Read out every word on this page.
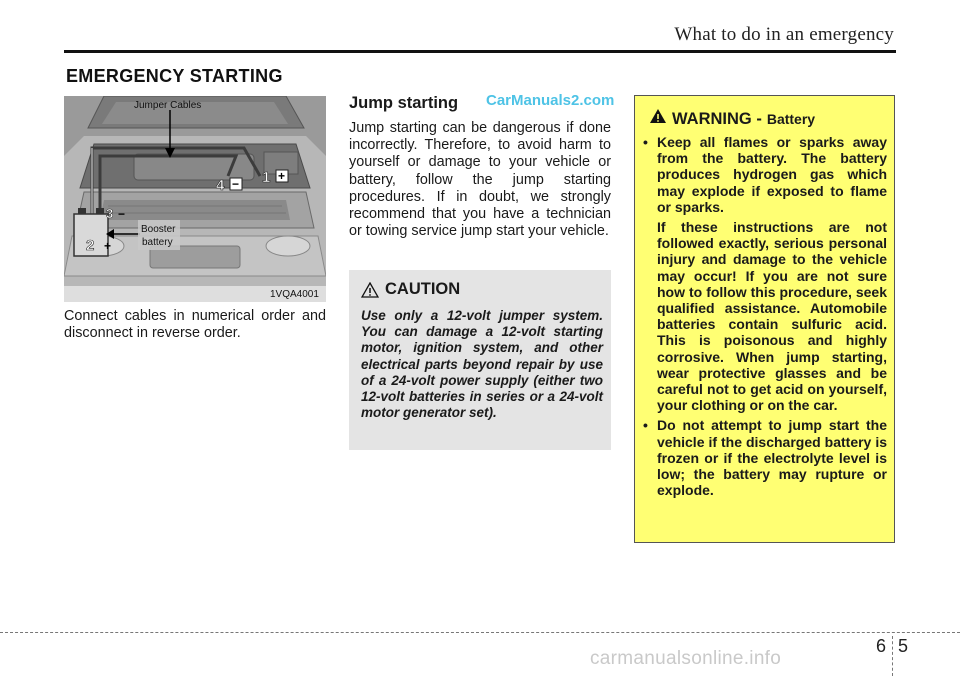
What to do in an emergency
EMERGENCY STARTING
1 +
4 −
3 −
2 +
Jumper Cables
Booster
battery
1VQA4001
Connect cables in numerical order and disconnect in reverse order.
Jump starting CarManuals2.com
Jump starting can be dangerous if done incorrectly. Therefore, to avoid harm to yourself or damage to your vehicle or battery, follow the jump starting procedures. If in doubt, we strongly recommend that you have a technician or towing service jump start your vehicle.
CAUTION
Use only a 12-volt jumper system. You can damage a 12-volt starting motor, ignition system, and other electrical parts beyond repair by use of a 24-volt power supply (either two 12-volt batteries in series or a 24-volt motor generator set).
WARNING - Battery
• Keep all flames or sparks away from the battery. The battery produces hydrogen gas which may explode if exposed to flame or sparks.
If these instructions are not followed exactly, serious personal injury and damage to the vehicle may occur! If you are not sure how to follow this procedure, seek qualified assistance. Automobile batteries contain sulfuric acid. This is poisonous and highly corrosive. When jump starting, wear protective glasses and be careful not to get acid on yourself, your clothing or on the car.
• Do not attempt to jump start the vehicle if the discharged battery is frozen or if the electrolyte level is low; the battery may rupture or explode.
6 5
carmanualsonline.info
